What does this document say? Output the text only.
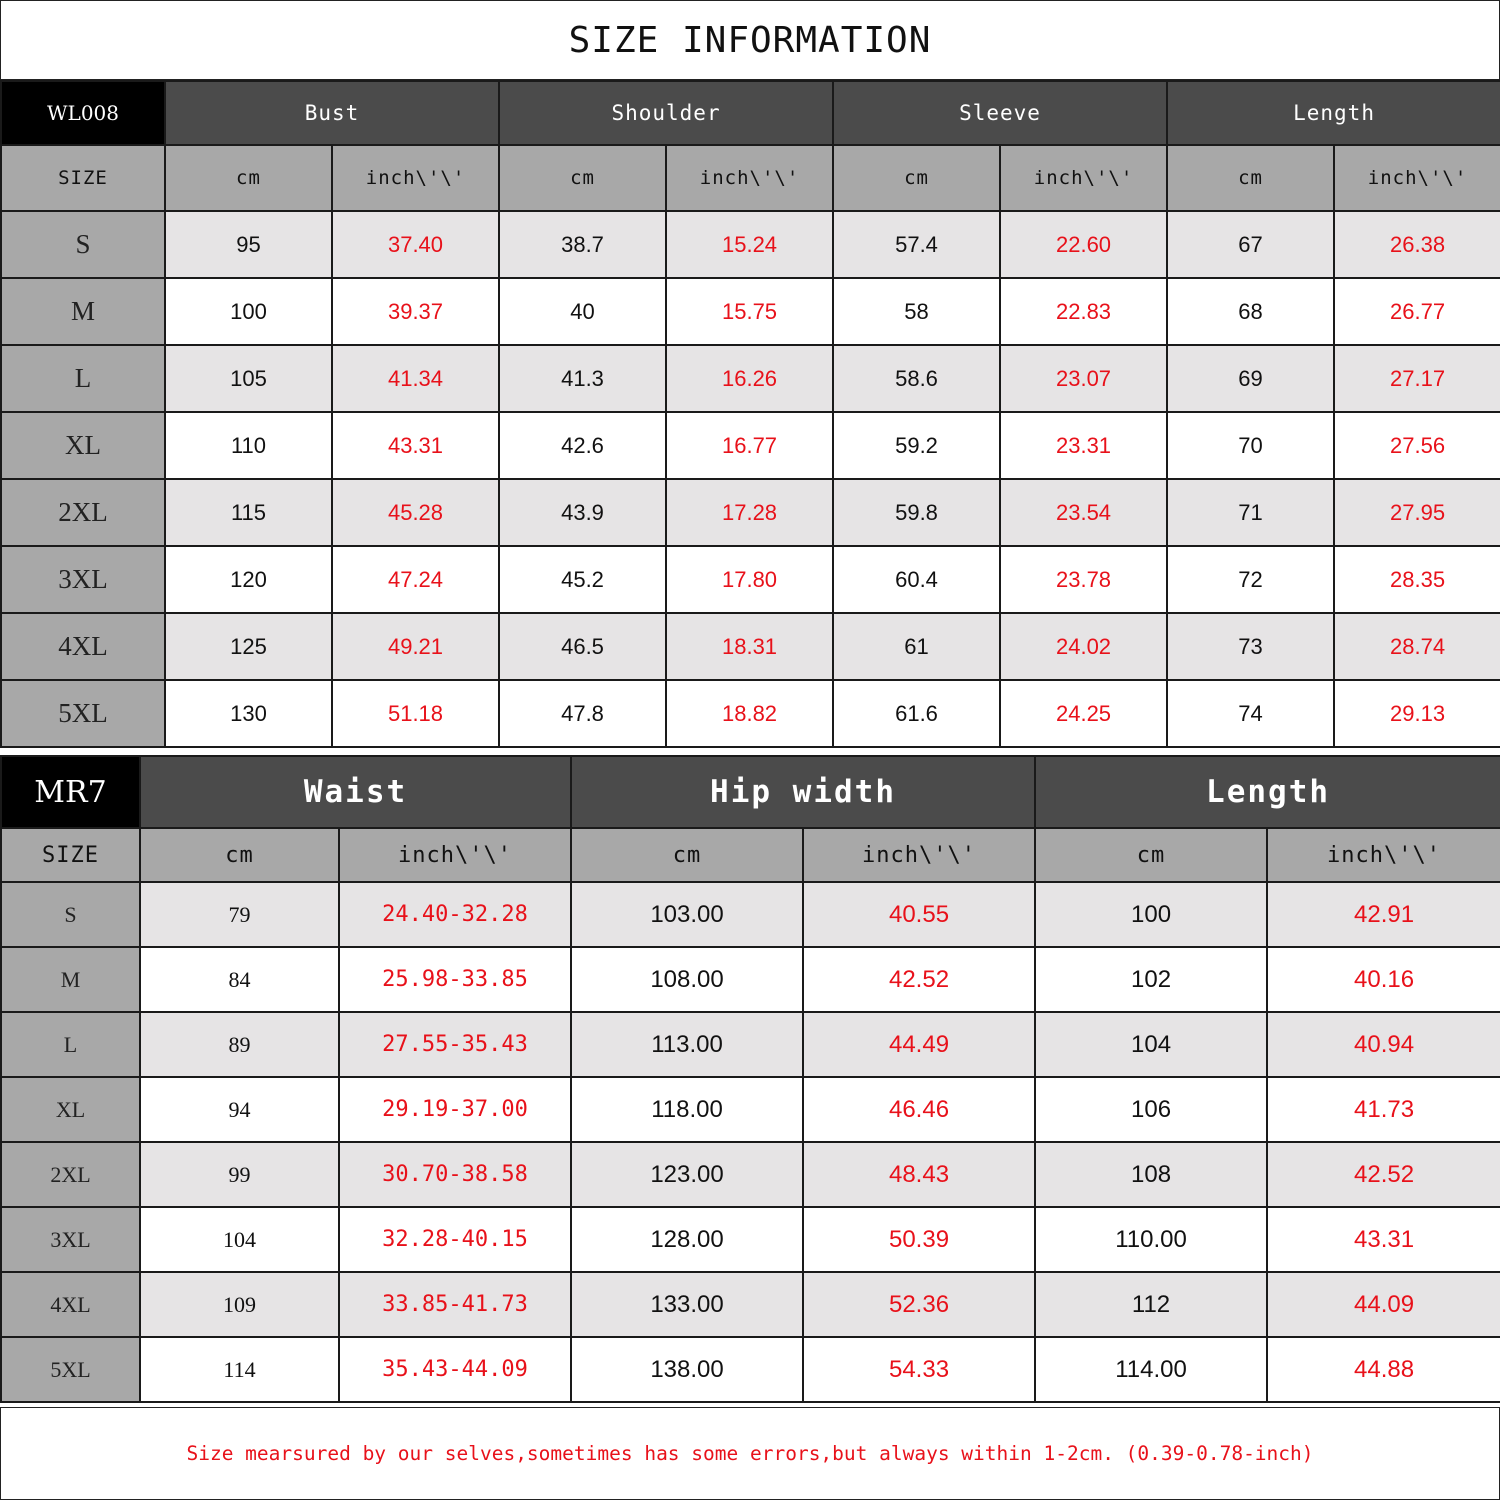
SIZE INFORMATION
WL008	Bust		Shoulder		Sleeve		Length	
SIZE	cm	inch\'\'	cm	inch\'\'	cm	inch\'\'	cm	inch\'\'
S	95	37.40	38.7	15.24	57.4	22.60	67	26.38
M	100	39.37	40	15.75	58	22.83	68	26.77
L	105	41.34	41.3	16.26	58.6	23.07	69	27.17
XL	110	43.31	42.6	16.77	59.2	23.31	70	27.56
2XL	115	45.28	43.9	17.28	59.8	23.54	71	27.95
3XL	120	47.24	45.2	17.80	60.4	23.78	72	28.35
4XL	125	49.21	46.5	18.31	61	24.02	73	28.74
5XL	130	51.18	47.8	18.82	61.6	24.25	74	29.13
MR7	Waist		Hip width		Length	
SIZE	cm	inch\'\'	cm	inch\'\'	cm	inch\'\'
S	79	24.40-32.28	103.00	40.55	100	42.91
M	84	25.98-33.85	108.00	42.52	102	40.16
L	89	27.55-35.43	113.00	44.49	104	40.94
XL	94	29.19-37.00	118.00	46.46	106	41.73
2XL	99	30.70-38.58	123.00	48.43	108	42.52
3XL	104	32.28-40.15	128.00	50.39	110.00	43.31
4XL	109	33.85-41.73	133.00	52.36	112	44.09
5XL	114	35.43-44.09	138.00	54.33	114.00	44.88
Size mearsured by our selves,sometimes has some errors,but always within 1-2cm. (0.39-0.78-inch)
